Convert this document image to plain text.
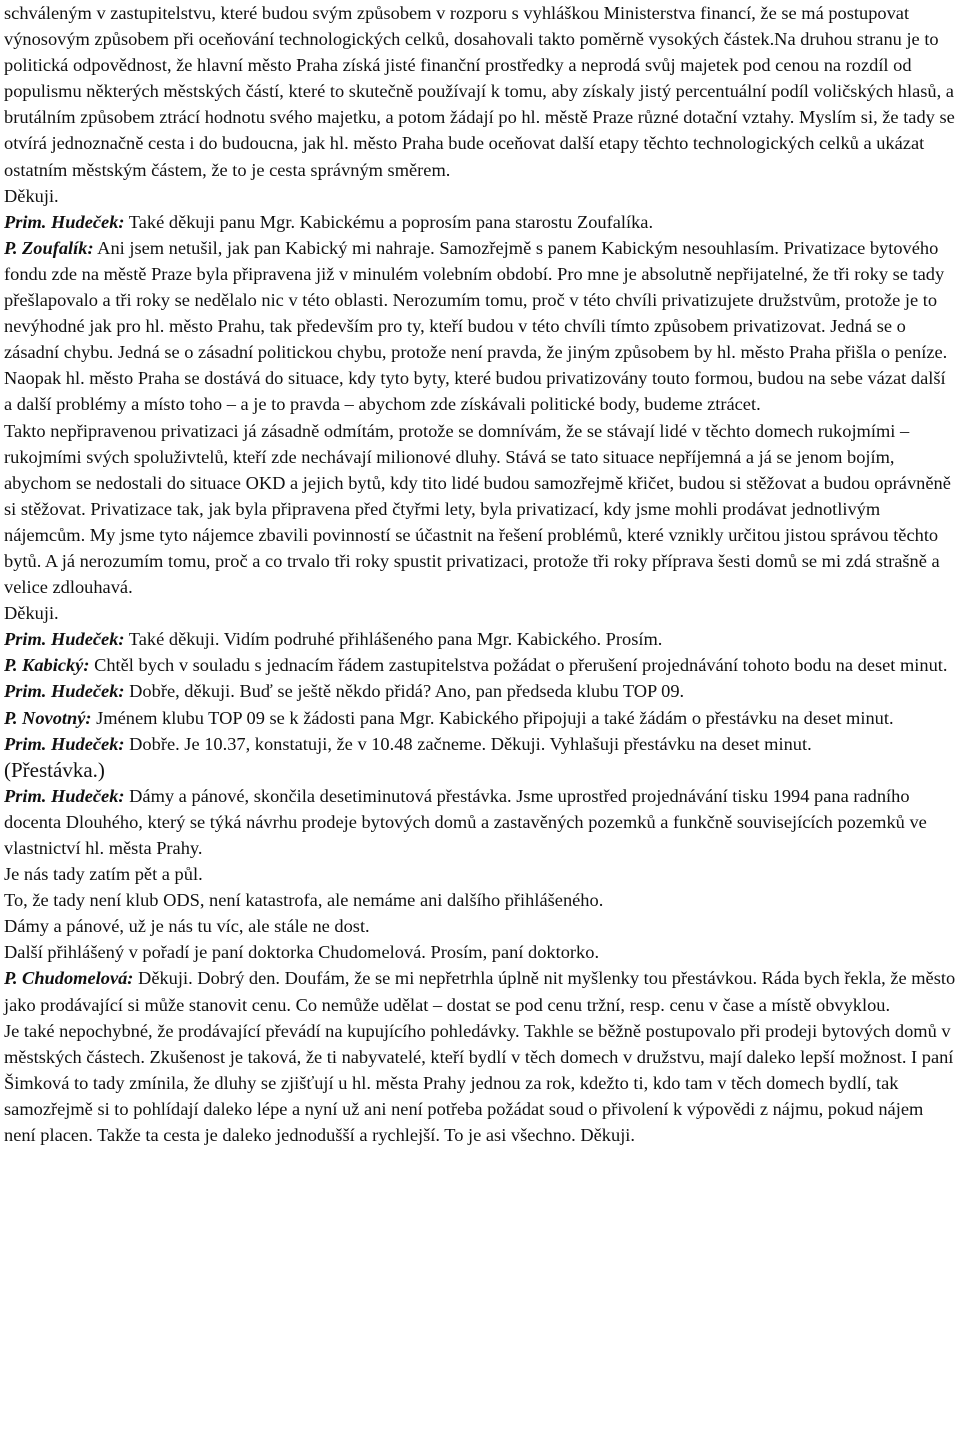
schváleným v zastupitelstvu, které budou svým způsobem v rozporu s vyhláškou Ministerstva financí, že se má postupovat výnosovým způsobem při oceňování technologických celků, dosahovali takto poměrně vysokých částek.Na druhou stranu je to politická odpovědnost, že hlavní město Praha získá jisté finanční prostředky a neprodá svůj majetek pod cenou na rozdíl od populismu některých městských částí, které to skutečně používají k tomu, aby získaly jistý percentuální podíl voličských hlasů, a brutálním způsobem ztrácí hodnotu svého majetku, a potom žádají po hl. městě Praze různé dotační vztahy. Myslím si, že tady se otvírá jednoznačně cesta i do budoucna, jak hl. město Praha bude oceňovat další etapy těchto technologických celků a ukázat ostatním městským částem, že to je cesta správným směrem.

Děkuji.

Prim. Hudeček: Také děkuji panu Mgr. Kabickému a poprosím pana starostu Zoufalíka.

P. Zoufalík: Ani jsem netušil, jak pan Kabický mi nahraje. Samozřejmě s panem Kabickým nesouhlasím. Privatizace bytového fondu zde na městě Praze byla připravena již v minulém volebním období. Pro mne je absolutně nepřijatelné, že tři roky se tady přešlapovalo a tři roky se nedělalo nic v této oblasti. Nerozumím tomu, proč v této chvíli privatizujete družstvům, protože je to nevýhodné jak pro hl. město Prahu, tak především pro ty, kteří budou v této chvíli tímto způsobem privatizovat. Jedná se o zásadní chybu. Jedná se o zásadní politickou chybu, protože není pravda, že jiným způsobem by hl. město Praha přišla o peníze. Naopak hl. město Praha se dostává do situace, kdy tyto byty, které budou privatizovány touto formou, budou na sebe vázat další a další problémy a místo toho – a je to pravda – abychom zde získávali politické body, budeme ztrácet.

Takto nepřipravenou privatizaci já zásadně odmítám, protože se domnívám, že se stávají lidé v těchto domech rukojmími – rukojmími svých spoluživtelů, kteří zde nechávají milionové dluhy. Stává se tato situace nepříjemná a já se jenom bojím, abychom se nedostali do situace OKD a jejich bytů, kdy tito lidé budou samozřejmě křičet, budou si stěžovat a budou oprávněně si stěžovat. Privatizace tak, jak byla připravena před čtyřmi lety, byla privatizací, kdy jsme mohli prodávat jednotlivým nájemcům. My jsme tyto nájemce zbavili povinností se účastnit na řešení problémů, které vznikly určitou jistou správou těchto bytů. A já nerozumím tomu, proč a co trvalo tři roky spustit privatizaci, protože tři roky příprava šesti domů se mi zdá strašně a velice zdlouhavá.

Děkuji.

Prim. Hudeček: Také děkuji. Vidím podruhé přihlášeného pana Mgr. Kabického. Prosím.

P. Kabický: Chtěl bych v souladu s jednacím řádem zastupitelstva požádat o přerušení projednávání tohoto bodu na deset minut.

Prim. Hudeček: Dobře, děkuji. Buď se ještě někdo přidá? Ano, pan předseda klubu TOP 09.

P. Novotný: Jménem klubu TOP 09 se k žádosti pana Mgr. Kabického připojuji a také žádám o přestávku na deset minut.

Prim. Hudeček: Dobře. Je 10.37, konstatuji, že v 10.48 začneme. Děkuji. Vyhlašuji přestávku na deset minut.

(Přestávka.)

Prim. Hudeček: Dámy a pánové, skončila desetiminutová přestávka. Jsme uprostřed projednávání tisku 1994 pana radního docenta Dlouhého, který se týká návrhu prodeje bytových domů a zastavěných pozemků a funkčně souvisejících pozemků ve vlastnictví hl. města Prahy.

Je nás tady zatím pět a půl.

To, že tady není klub ODS, není katastrofa, ale nemáme ani dalšího přihlášeného.

Dámy a pánové, už je nás tu víc, ale stále ne dost.

Další přihlášený v pořadí je paní doktorka Chudomelová. Prosím, paní doktorko.

P. Chudomelová: Děkuji. Dobrý den. Doufám, že se mi nepřetrhla úplně nit myšlenky tou přestávkou. Ráda bych řekla, že město jako prodávající si může stanovit cenu. Co nemůže udělat – dostat se pod cenu tržní, resp. cenu v čase a místě obvyklou.

Je také nepochybné, že prodávající převádí na kupujícího pohledávky. Takhle se běžně postupovalo při prodeji bytových domů v městských částech. Zkušenost je taková, že ti nabyvatelé, kteří bydlí v těch domech v družstvu, mají daleko lepší možnost. I paní Šimková to tady zmínila, že dluhy se zjišťují u hl. města Prahy jednou za rok, kdežto ti, kdo tam v těch domech bydlí, tak samozřejmě si to pohlídají daleko lépe a nyní už ani není potřeba požádat soud o přivolení k výpovědi z nájmu, pokud nájem není placen. Takže ta cesta je daleko jednodušší a rychlejší. To je asi všechno. Děkuji.
